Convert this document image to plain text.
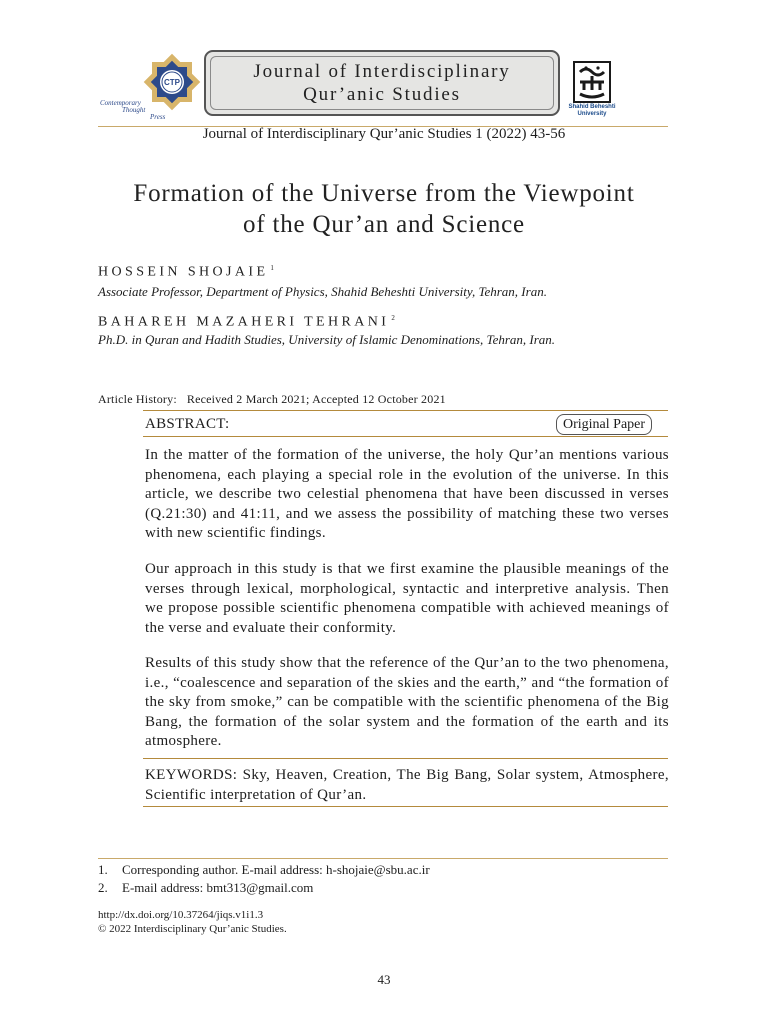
CTP
Contemporary
Thought
Press
Journal of Interdisciplinary
Qur’anic Studies
Shahid Beheshti
University
Journal of Interdisciplinary Qur’anic Studies 1 (2022) 43-56
Formation of the Universe from the Viewpoint
of the Qur’an and Science
HOSSEIN SHOJAIE $^1$
Associate Professor, Department of Physics, Shahid Beheshti University, Tehran, Iran.
BAHAREH MAZAHERI TEHRANI $^2$
Ph.D. in Quran and Hadith Studies, University of Islamic Denominations, Tehran, Iran.
Article History: Received 2 March 2021; Accepted 12 October 2021
ABSTRACT:	Original Paper

In the matter of the formation of the universe, the holy Qur’an mentions various phenomena, each playing a special role in the evolution of the universe. In this article, we describe two celestial phenomena that have been discussed in verses (Q.21:30) and 41:11, and we assess the possibility of matching these two verses with new scientific findings.

Our approach in this study is that we first examine the plausible meanings of the verses through lexical, morphological, syntactic and interpretive analysis. Then we propose possible scientific phenomena compatible with achieved meanings of the verse and evaluate their conformity.

Results of this study show that the reference of the Qur’an to the two phenomena, i.e., “coalescence and separation of the skies and the earth,” and “the formation of the sky from smoke,” can be compatible with the scientific phenomena of the Big Bang, the formation of the solar system and the formation of the earth and its atmosphere.

KEYWORDS: Sky, Heaven, Creation, The Big Bang, Solar system, Atmosphere, Scientific interpretation of Qur’an.
1. Corresponding author. E-mail address: h-shojaie@sbu.ac.ir
2. E-mail address: bmt313@gmail.com
http://dx.doi.org/10.37264/jiqs.v1i1.3
© 2022 Interdisciplinary Qur’anic Studies.
43
